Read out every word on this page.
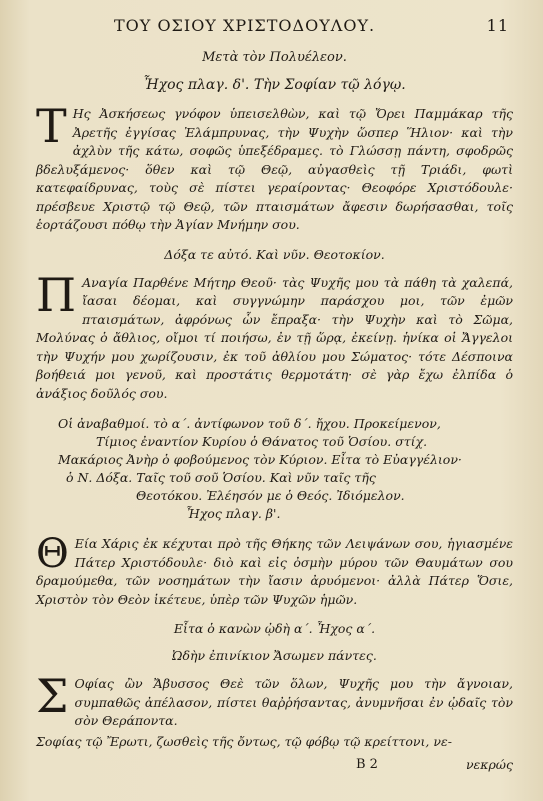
ΤΟΥ ΟΣΙΟΥ ΧΡΙΣΤΟΔΟΥΛΟΥ.	11
Μετὰ τὸν Πολυέλεον.
Ἦχος πλαγ. δ'. Τὴν Σοφίαν τῷ λόγῳ.
Τ Ης Ἀσκήσεως γνόφον ὑπεισελθὼν, καὶ τῷ Ὄρει Παμμάκαρ τῆς Ἀρετῆς ἐγγίσας Ἐλάμπρυνας, τὴν Ψυχὴν ὥσπερ Ἥλιον· καὶ τὴν ἀχλὺν τῆς κάτω, σοφῶς ὑπεξέδραμες. τὸ Γλώσσῃ πάντη, σφοδρῶς βδελυξάμενος· ὅθεν καὶ τῷ Θεῷ, αὐγασθεὶς τῇ Τριάδι, φωτὶ κατεφαίδρυνας, τοὺς σὲ πίστει γεραίροντας· Θεοφόρε Χριστόδουλε· πρέσβευε Χριστῷ τῷ Θεῷ, τῶν πταισμάτων ἄφεσιν δωρήσασθαι, τοῖς ἑορτάζουσι πόθῳ τὴν Ἁγίαν Μνήμην σου.
Δόξα τε αὐτό. Καὶ νῦν. Θεοτοκίον.
Π Αναγία Παρθένε Μήτηρ Θεοῦ· τὰς Ψυχῆς μου τὰ πάθη τὰ χαλεπά, ἴασαι δέομαι, καὶ συγγνώμην παράσχου μοι, τῶν ἐμῶν πταισμάτων, ἀφρόνως ὧν ἔπραξα· τὴν Ψυχὴν καὶ τὸ Σῶμα, Μολύνας ὁ ἄθλιος, οἴμοι τί ποιήσω, ἐν τῇ ὥρᾳ, ἐκείνῃ. ἡνίκα οἱ Ἄγγελοι τὴν Ψυχήν μου χωρίζουσιν, ἐκ τοῦ ἀθλίου μου Σώματος· τότε Δέσποινα βοήθειά μοι γενοῦ, καὶ προστάτις θερμοτάτη· σὲ γὰρ ἔχω ἐλπίδα ὁ ἀνάξιος δοῦλός σου.
Οἱ ἀναβαθμοί. τὸ α΄. ἀντίφωνον τοῦ δ΄. ἤχου. Προκείμενον,
Τίμιος ἐναντίον Κυρίου ὁ Θάνατος τοῦ Ὁσίου. στίχ.
Μακάριος Ἀνὴρ ὁ φοβούμενος τὸν Κύριον. Εἶτα τὸ Εὐαγγέλιον·
ὁ Ν. Δόξα. Ταῖς τοῦ σοῦ Ὁσίου. Καὶ νῦν ταῖς τῆς
Θεοτόκου. Ἐλέησόν με ὁ Θεός. Ἰδιόμελον.
Ἦχος πλαγ. β'.
Θ Εία Χάρις ἐκ κέχυται πρὸ τῆς Θήκης τῶν Λειψάνων σου, ἡγιασμένε Πάτερ Χριστόδουλε· διὸ καὶ εἰς ὀσμὴν μύρου τῶν Θαυμάτων σου δραμούμεθα, τῶν νοσημάτων τὴν ἴασιν ἀρυόμενοι· ἀλλὰ Πάτερ Ὅσιε, Χριστὸν τὸν Θεὸν ἱκέτευε, ὑπὲρ τῶν Ψυχῶν ἡμῶν.
Εἶτα ὁ κανὼν ᾠδὴ α΄. Ἦχος α΄.
Ὠδὴν ἐπινίκιον Ἄσωμεν πάντες.
Σ Οφίας ὢν Ἄβυσσος Θεὲ τῶν ὅλων, Ψυχῆς μου τὴν ἄγνοιαν, συμπαθῶς ἀπέλασον, πίστει θαῤῥήσαντας, ἀνυμνῆσαι ἐν ᾠδαῖς τὸν σὸν Θεράποντα.
Σοφίας τῷ Ἔρωτι, ζωσθεὶς τῆς ὄντως, τῷ φόβῳ τῷ κρείττονι, νε-
Β 2	νεκρώς
